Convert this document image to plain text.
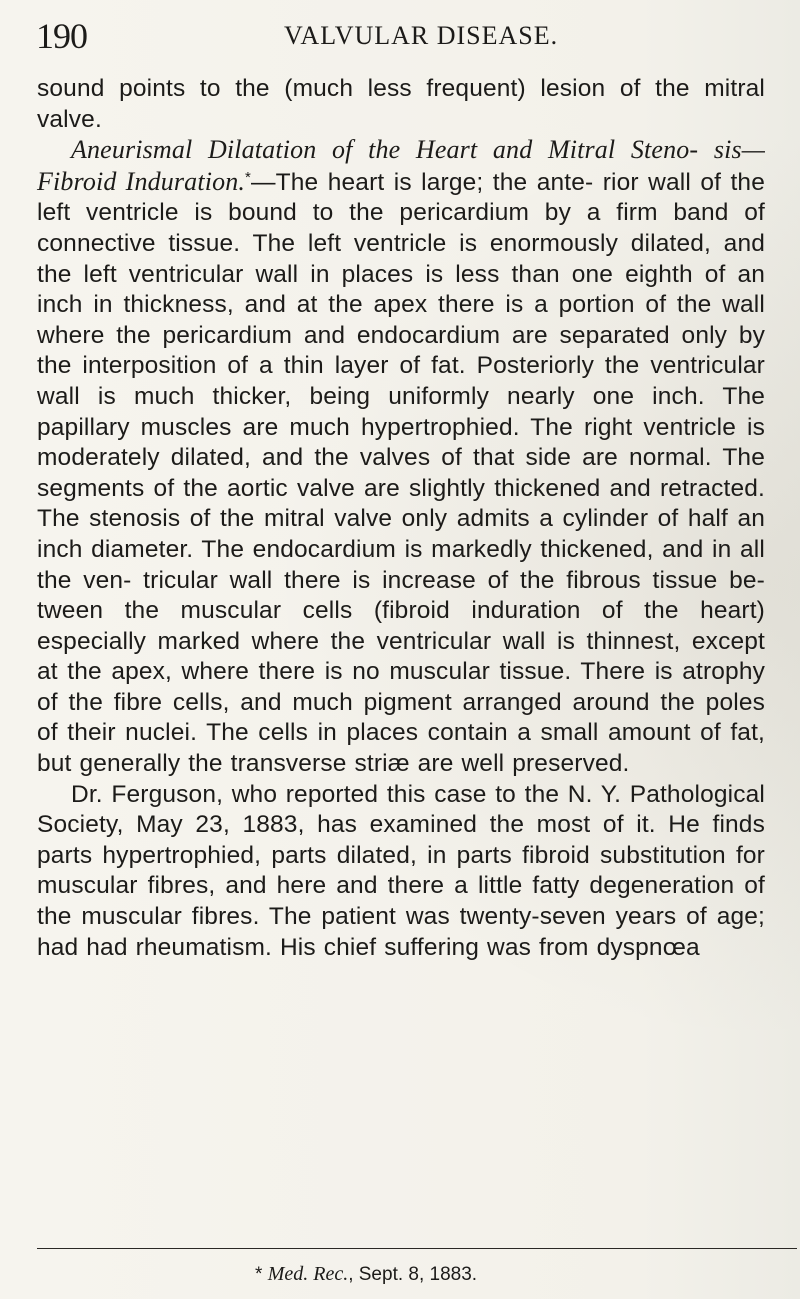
190	VALVULAR DISEASE.

sound points to the (much less frequent) lesion of the mitral valve.

Aneurismal Dilatation of the Heart and Mitral Steno- sis—Fibroid Induration.*—The heart is large; the ante- rior wall of the left ventricle is bound to the pericardium by a firm band of connective tissue. The left ventricle is enormously dilated, and the left ventricular wall in places is less than one eighth of an inch in thickness, and at the apex there is a portion of the wall where the pericardium and endocardium are separated only by the interposition of a thin layer of fat. Posteriorly the ventricular wall is much thicker, being uniformly nearly one inch. The papillary muscles are much hypertrophied. The right ventricle is moderately dilated, and the valves of that side are normal. The segments of the aortic valve are slightly thickened and retracted. The stenosis of the mitral valve only admits a cylinder of half an inch diameter. The endocardium is markedly thickened, and in all the ven- tricular wall there is increase of the fibrous tissue be- tween the muscular cells (fibroid induration of the heart) especially marked where the ventricular wall is thinnest, except at the apex, where there is no muscular tissue. There is atrophy of the fibre cells, and much pigment arranged around the poles of their nuclei. The cells in places contain a small amount of fat, but generally the transverse striæ are well preserved.

Dr. Ferguson, who reported this case to the N. Y. Pathological Society, May 23, 1883, has examined the most of it. He finds parts hypertrophied, parts dilated, in parts fibroid substitution for muscular fibres, and here and there a little fatty degeneration of the muscular fibres. The patient was twenty-seven years of age; had had rheumatism. His chief suffering was from dyspnœa

* Med. Rec., Sept. 8, 1883.
